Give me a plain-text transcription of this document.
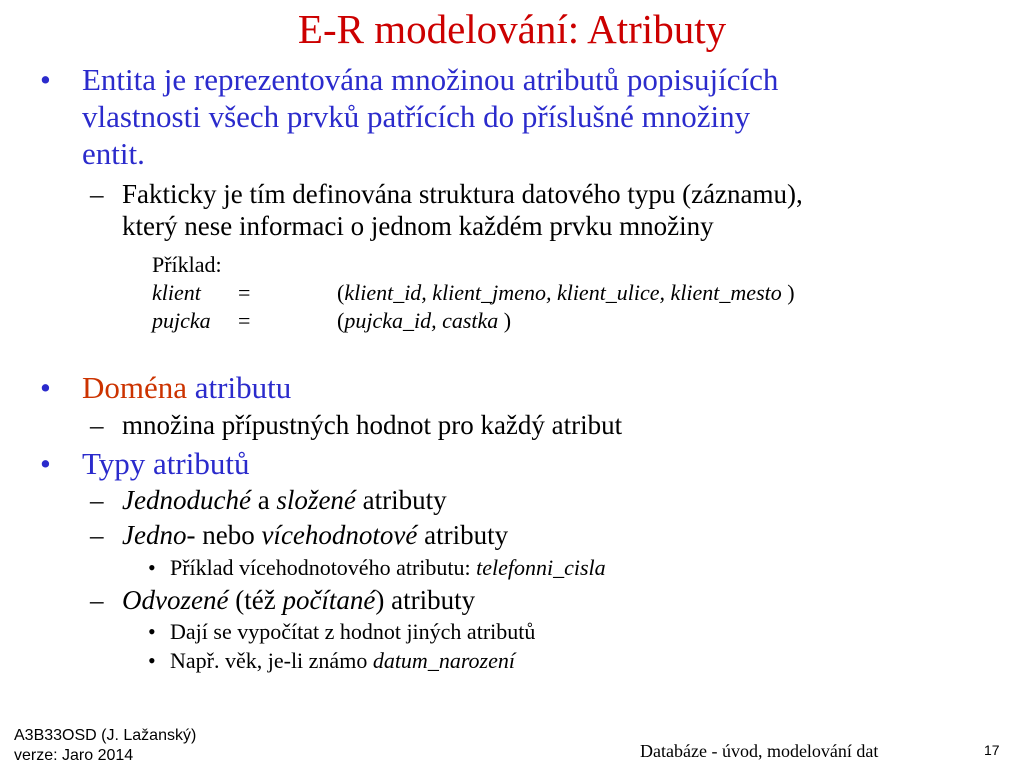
E-R modelování: Atributy
• Entita je reprezentována množinou atributů popisujících
vlastnosti všech prvků patřících do příslušné množiny
entit.
– Fakticky je tím definována struktura datového typu (záznamu),
který nese informaci o jednom každém prvku množiny
Příklad:
klient =	(klient_id, klient_jmeno, klient_ulice, klient_mesto )
pujcka =	(pujcka_id, castka )
• Doména atributu
– množina přípustných hodnot pro každý atribut
• Typy atributů
– Jednoduché a složené atributy
– Jedno- nebo vícehodnotové atributy
• Příklad vícehodnotového atributu: telefonni_cisla
– Odvozené (též počítané) atributy
• Dají se vypočítat z hodnot jiných atributů
• Např. věk, je-li známo datum_narození
A3B33OSD (J. Lažanský)
verze: Jaro 2014	Databáze - úvod, modelování dat	17
